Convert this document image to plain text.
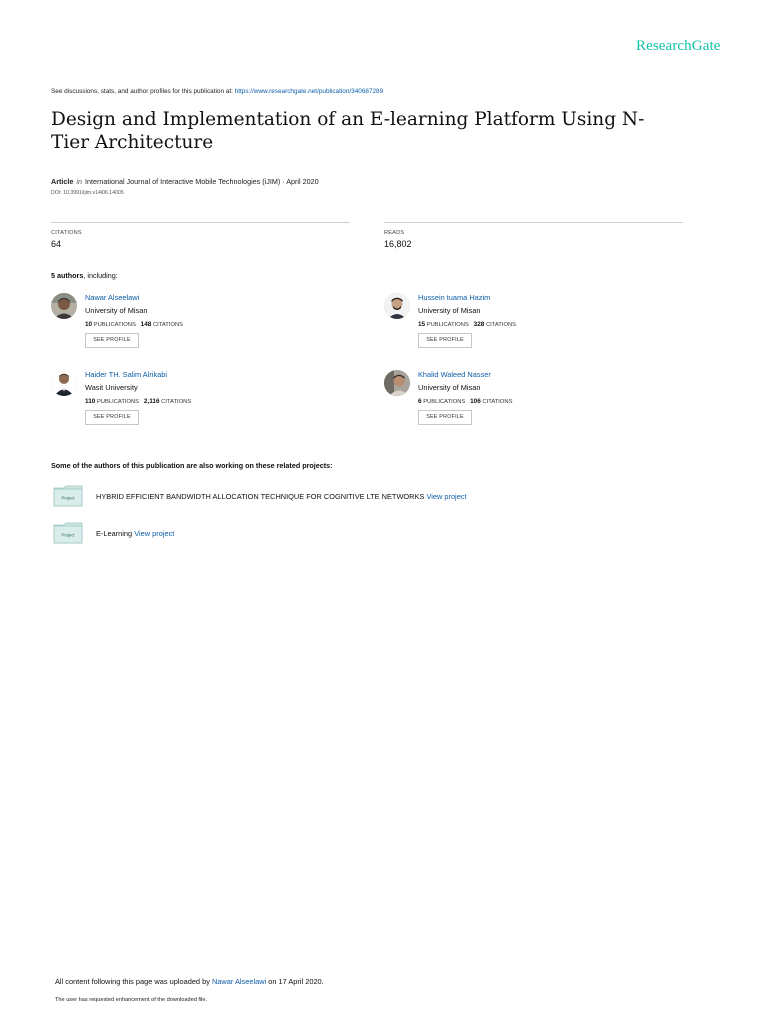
ResearchGate
See discussions, stats, and author profiles for this publication at: https://www.researchgate.net/publication/340687289
Design and Implementation of an E-learning Platform Using N-Tier Architecture
Article in International Journal of Interactive Mobile Technologies (iJIM) · April 2020
DOI: 10.3991/ijim.v14i06.14005
CITATIONS
64
READS
16,802
5 authors, including:
Nawar Alseelawi
University of Misan
10 PUBLICATIONS 148 CITATIONS
SEE PROFILE
Hussein tuama Hazim
University of Misan
15 PUBLICATIONS 328 CITATIONS
SEE PROFILE
Haider TH. Salim Alrikabi
Wasit University
110 PUBLICATIONS 2,116 CITATIONS
SEE PROFILE
Khalid Waleed Nasser
University of Misan
6 PUBLICATIONS 106 CITATIONS
SEE PROFILE
Some of the authors of this publication are also working on these related projects:
Project	HYBRID EFFICIENT BANDWIDTH ALLOCATION TECHNIQUE FOR COGNITIVE LTE NETWORKS View project
Project	E-Learning View project
All content following this page was uploaded by Nawar Alseelawi on 17 April 2020.
The user has requested enhancement of the downloaded file.
